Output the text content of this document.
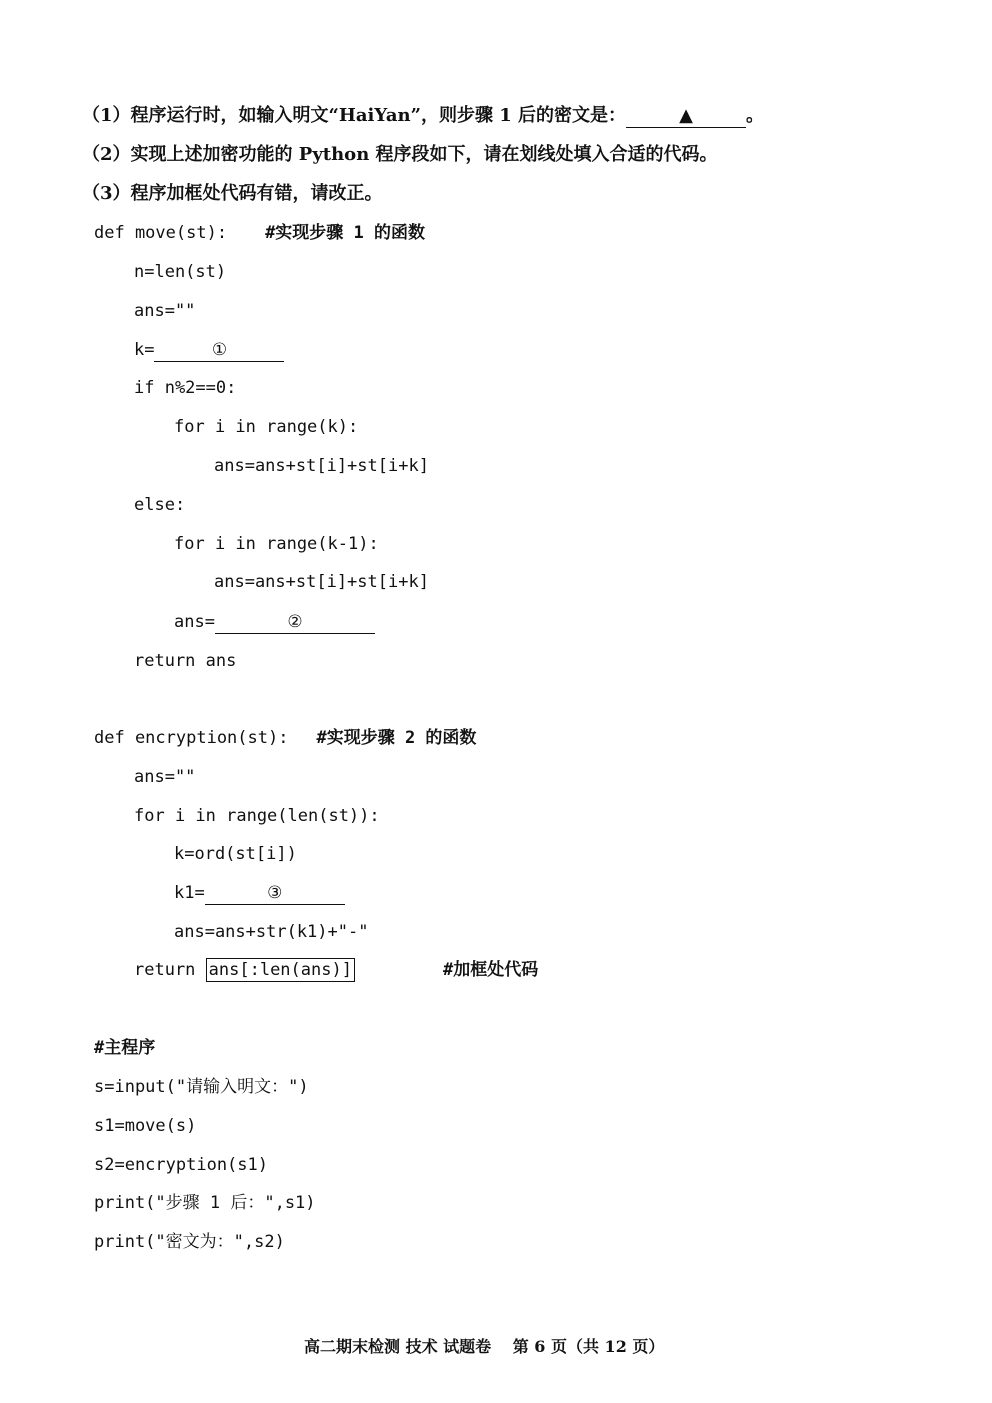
（1）程序运行时，如输入明文“HaiYan”，则步骤 1 后的密文是：	▲	。
（2）实现上述加密功能的 Python 程序段如下，请在划线处填入合适的代码。
（3）程序加框处代码有错，请改正。
def move(st): #实现步骤 1 的函数
n=len(st)
ans=""
k=	①
if n%2==0:
for i in range(k):
ans=ans+st[i]+st[i+k]
else:
for i in range(k-1):
ans=ans+st[i]+st[i+k]
ans=	②
return ans
def encryption(st): #实现步骤 2 的函数
ans=""
for i in range(len(st)):
k=ord(st[i])
k1=	③
ans=ans+str(k1)+"-"
return ans[:len(ans)]	#加框处代码
#主程序
s=input("请输入明文：")
s1=move(s)
s2=encryption(s1)
print("步骤 1 后：",s1)
print("密文为：",s2)
高二期末检测 技术 试题卷　 第 6 页（共 12 页）
